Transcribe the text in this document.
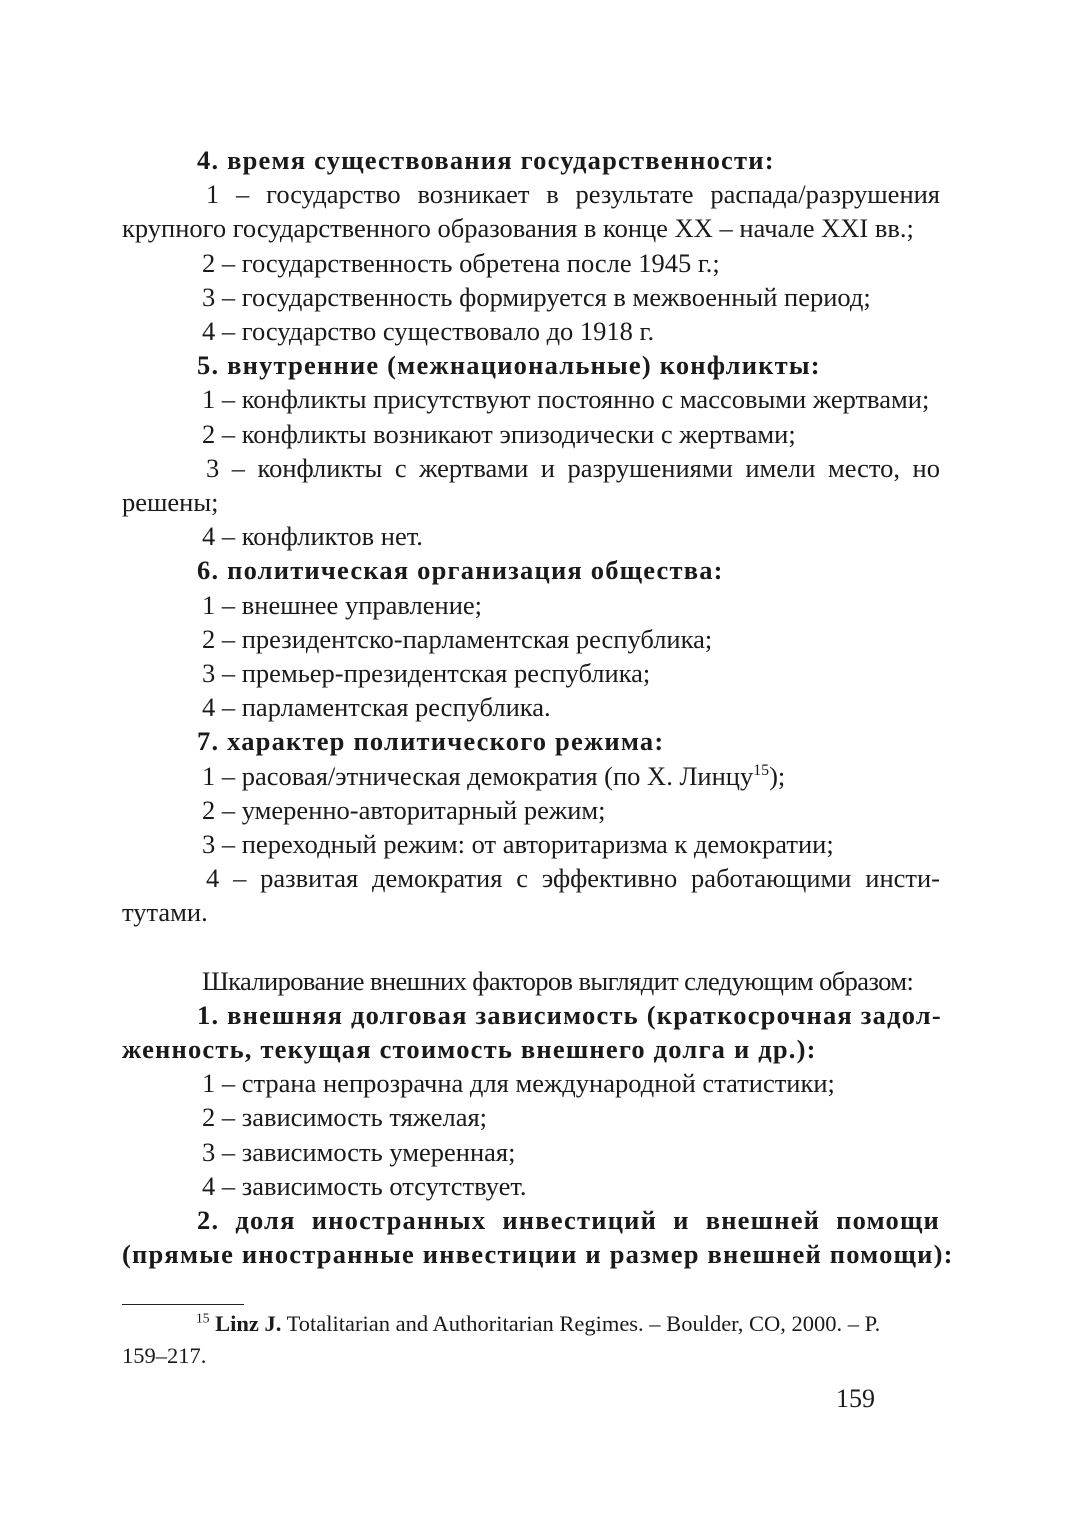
4. время существования государственности:
1 – государство возникает в результате распада/разрушения
крупного государственного образования в конце XX – начале XXI вв.;
2 – государственность обретена после 1945 г.;
3 – государственность формируется в межвоенный период;
4 – государство существовало до 1918 г.
5. внутренние (межнациональные) конфликты:
1 – конфликты присутствуют постоянно с массовыми жертвами;
2 – конфликты возникают эпизодически с жертвами;
3 – конфликты с жертвами и разрушениями имели место, но
решены;
4 – конфликтов нет.
6. политическая организация общества:
1 – внешнее управление;
2 – президентско-парламентская республика;
3 – премьер-президентская республика;
4 – парламентская республика.
7. характер политического режима:
1 – расовая/этническая демократия (по Х. Линцу$^{15}$);
2 – умеренно-авторитарный режим;
3 – переходный режим: от авторитаризма к демократии;
4 – развитая демократия с эффективно работающими инсти-
тутами.
Шкалирование внешних факторов выглядит следующим образом:
1. внешняя долговая зависимость (краткосрочная задол-
женность, текущая стоимость внешнего долга и др.):
1 – страна непрозрачна для международной статистики;
2 – зависимость тяжелая;
3 – зависимость умеренная;
4 – зависимость отсутствует.
2. доля иностранных инвестиций и внешней помощи
(прямые иностранные инвестиции и размер внешней помощи):
$^{15}$ Linz J. Totalitarian and Authoritarian Regimes. – Boulder, CO, 2000. – P.
159–217.
159
